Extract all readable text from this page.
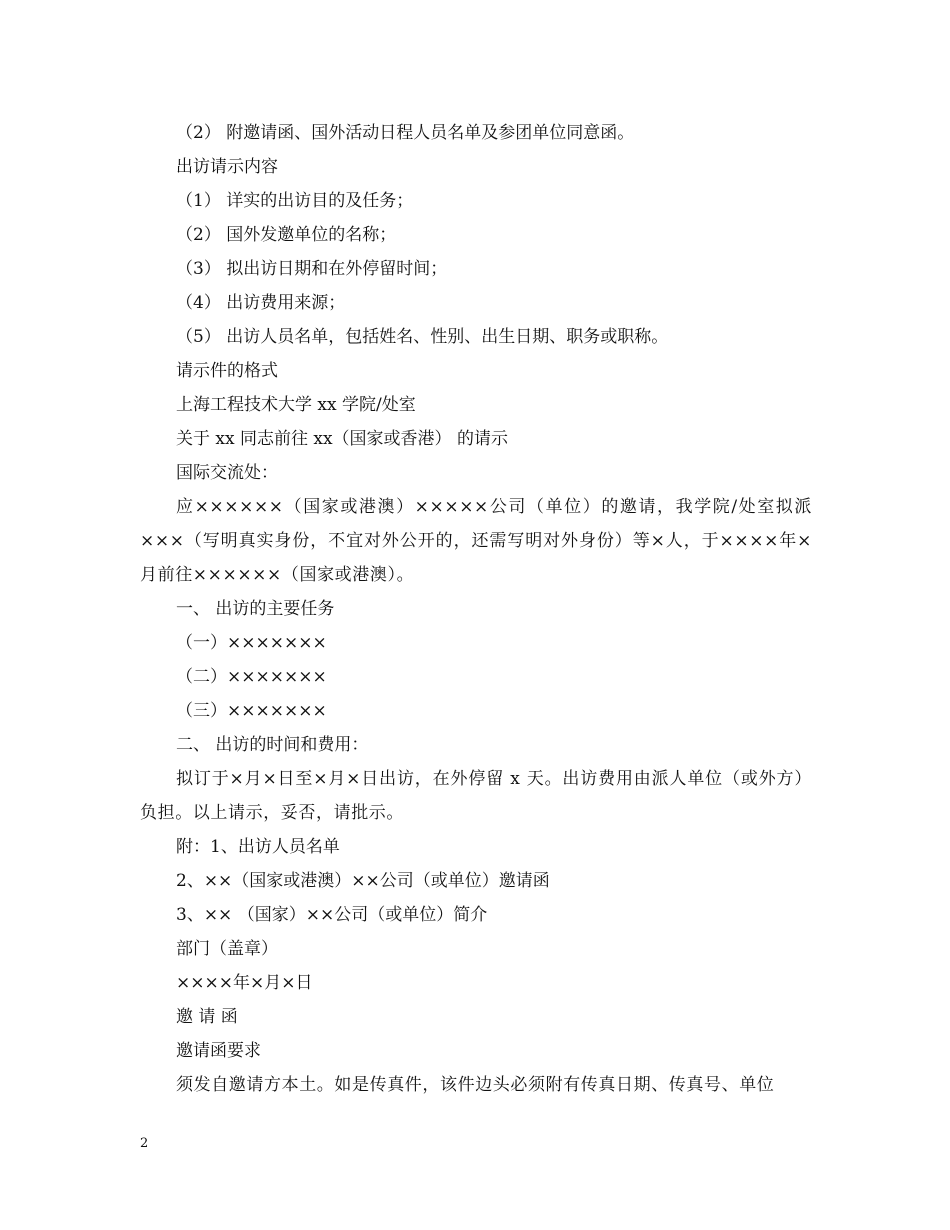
（2） 附邀请函、国外活动日程人员名单及参团单位同意函。
出访请示内容
（1） 详实的出访目的及任务；
（2） 国外发邀单位的名称；
（3） 拟出访日期和在外停留时间；
（4） 出访费用来源；
（5） 出访人员名单，包括姓名、性别、出生日期、职务或职称。
请示件的格式
上海工程技术大学 xx 学院/处室
关于 xx 同志前往 xx（国家或香港） 的请示
国际交流处：
应××××××（国家或港澳）×××××公司（单位）的邀请，我学院/处室拟派×××（写明真实身份，不宜对外公开的，还需写明对外身份）等×人，于××××年×月前往××××××（国家或港澳）。
一、 出访的主要任务
（一）×××××××
（二）×××××××
（三）×××××××
二、 出访的时间和费用：
拟订于×月×日至×月×日出访，在外停留 x 天。出访费用由派人单位（或外方）负担。以上请示，妥否，请批示。
附：1、出访人员名单
2、××（国家或港澳）××公司（或单位）邀请函
3、×× （国家）××公司（或单位）简介
部门（盖章）
××××年×月×日
邀 请 函
邀请函要求
须发自邀请方本土。如是传真件，该件边头必须附有传真日期、传真号、单位
2
